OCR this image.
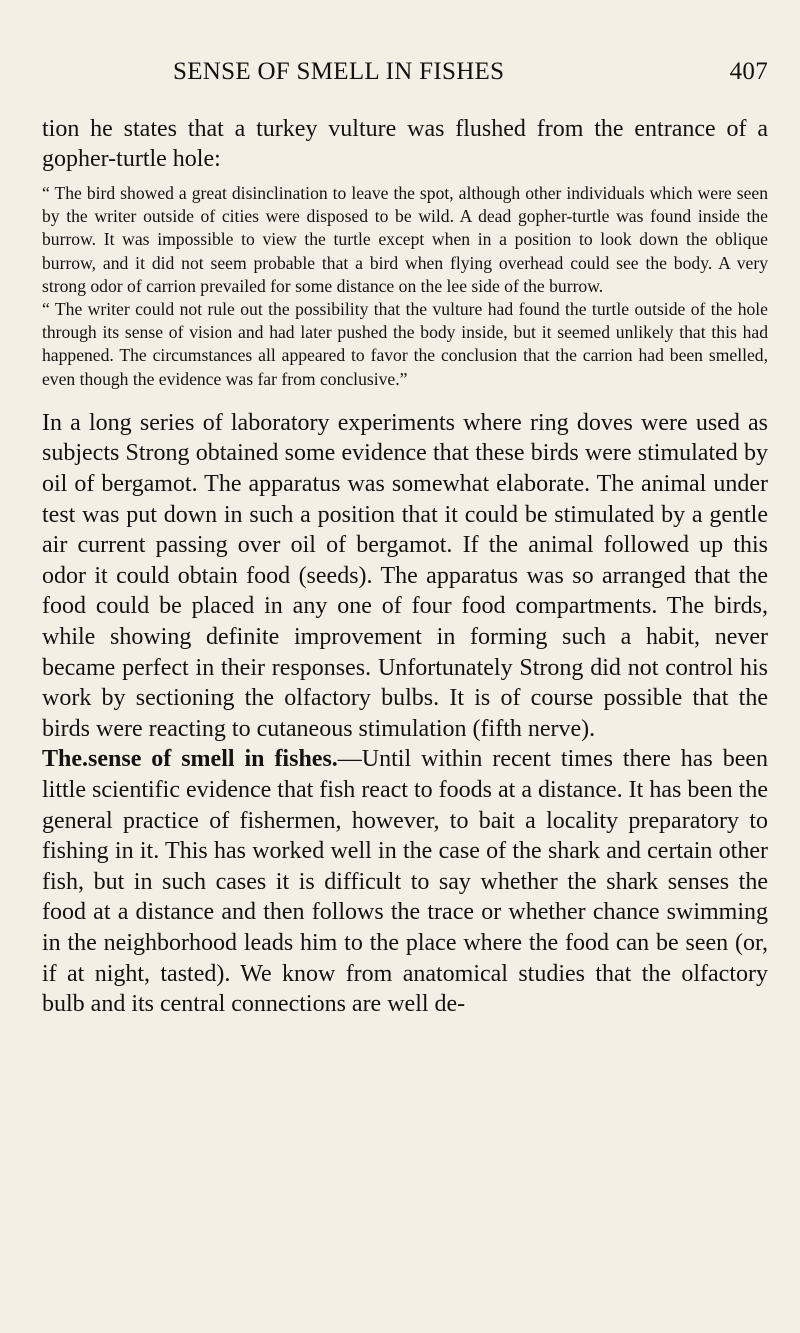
SENSE OF SMELL IN FISHES	407

tion he states that a turkey vulture was flushed from the entrance of a gopher-turtle hole:

“ The bird showed a great disinclination to leave the spot, although other individuals which were seen by the writer outside of cities were disposed to be wild. A dead gopher-turtle was found inside the burrow. It was impossible to view the turtle except when in a position to look down the oblique burrow, and it did not seem probable that a bird when flying overhead could see the body. A very strong odor of carrion prevailed for some distance on the lee side of the burrow.

“ The writer could not rule out the possibility that the vulture had found the turtle outside of the hole through its sense of vision and had later pushed the body inside, but it seemed unlikely that this had happened. The circumstances all appeared to favor the conclusion that the carrion had been smelled, even though the evidence was far from conclusive.”

In a long series of laboratory experiments where ring doves were used as subjects Strong obtained some evidence that these birds were stimulated by oil of bergamot. The apparatus was somewhat elaborate. The animal under test was put down in such a position that it could be stimulated by a gentle air current passing over oil of bergamot. If the animal followed up this odor it could obtain food (seeds). The apparatus was so arranged that the food could be placed in any one of four food compartments. The birds, while showing definite improvement in forming such a habit, never became perfect in their responses. Unfortunately Strong did not control his work by sectioning the olfactory bulbs. It is of course possible that the birds were reacting to cutaneous stimulation (fifth nerve).

The.sense of smell in fishes.—Until within recent times there has been little scientific evidence that fish react to foods at a distance. It has been the general practice of fishermen, however, to bait a locality preparatory to fishing in it. This has worked well in the case of the shark and certain other fish, but in such cases it is difficult to say whether the shark senses the food at a distance and then follows the trace or whether chance swimming in the neighborhood leads him to the place where the food can be seen (or, if at night, tasted). We know from anatomical studies that the olfactory bulb and its central connections are well de-
